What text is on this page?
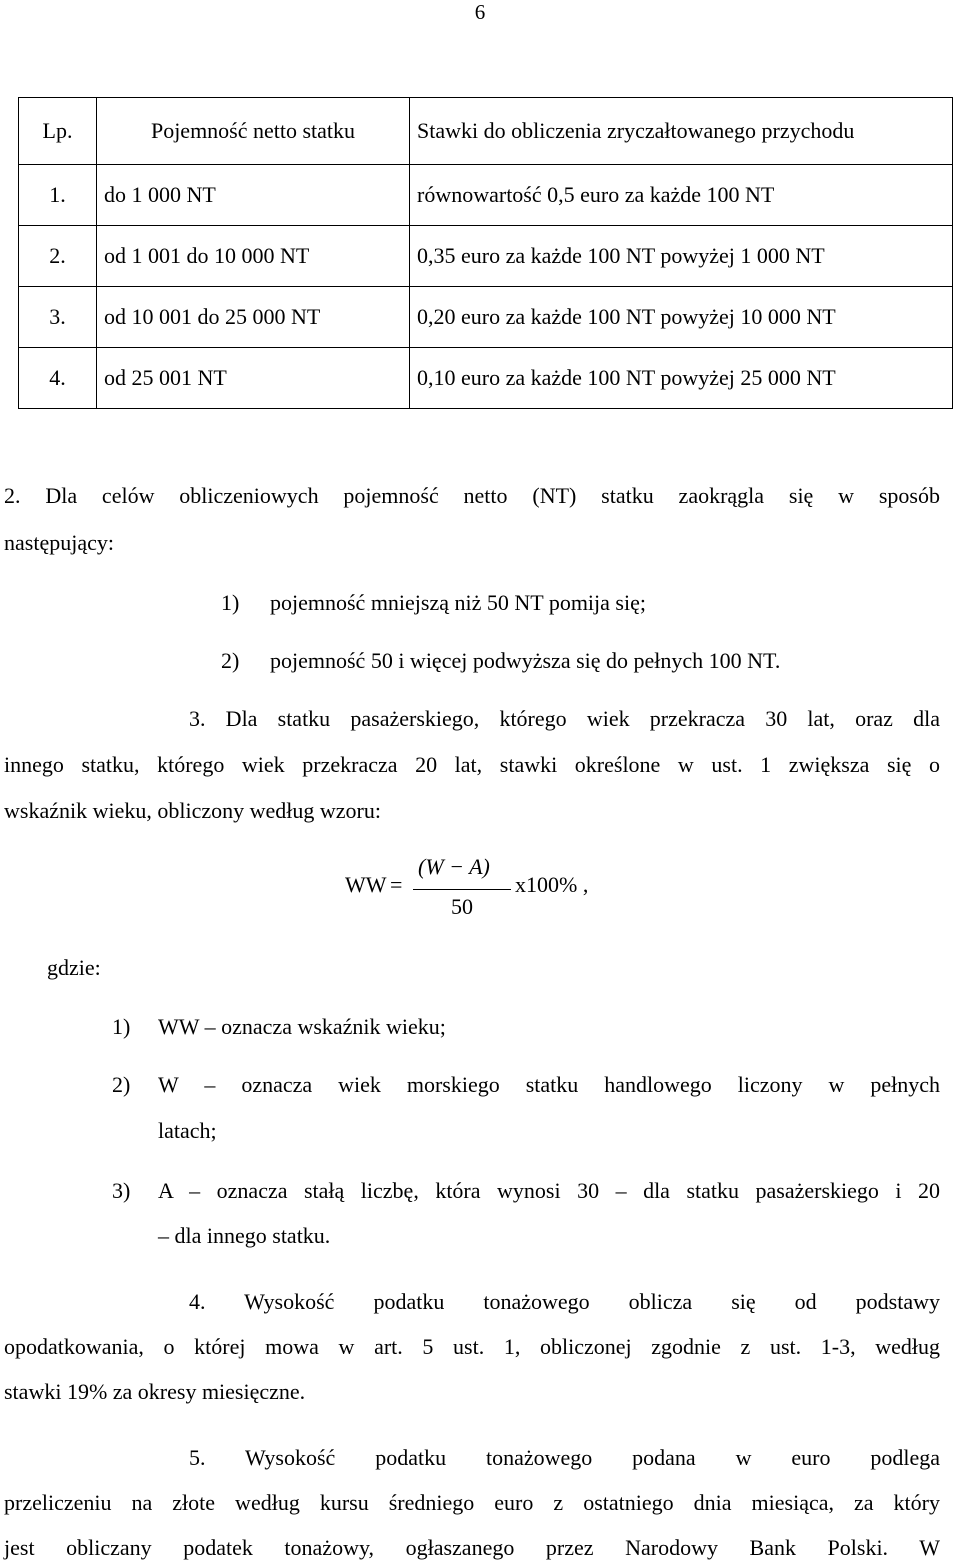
6
Lp.	Pojemność netto statku	Stawki do obliczenia zryczałtowanego przychodu
1.	do 1 000 NT	równowartość 0,5 euro za każde 100 NT
2.	od 1 001 do 10 000 NT	0,35 euro za każde 100 NT powyżej 1 000 NT
3.	od 10 001 do 25 000 NT	0,20 euro za każde 100 NT powyżej 10 000 NT
4.	od 25 001 NT	0,10 euro za każde 100 NT powyżej 25 000 NT
2. Dla celów obliczeniowych pojemność netto (NT) statku zaokrągla się w sposób
następujący:
1) pojemność mniejszą niż 50 NT pomija się;
2) pojemność 50 i więcej podwyższa się do pełnych 100 NT.
3. Dla statku pasażerskiego, którego wiek przekracza 30 lat, oraz dla
innego statku, którego wiek przekracza 20 lat, stawki określone w ust. 1 zwiększa się o
wskaźnik wieku, obliczony według wzoru:
WW =
(W − A)
50
x100% ,
gdzie:
1) WW – oznacza wskaźnik wieku;
2) W – oznacza wiek morskiego statku handlowego liczony w pełnych
latach;
3) A – oznacza stałą liczbę, która wynosi 30 – dla statku pasażerskiego i 20
– dla innego statku.
4. Wysokość podatku tonażowego oblicza się od podstawy
opodatkowania, o której mowa w art. 5 ust. 1, obliczonej zgodnie z ust. 1-3, według
stawki 19% za okresy miesięczne.
5. Wysokość podatku tonażowego podana w euro podlega
przeliczeniu na złote według kursu średniego euro z ostatniego dnia miesiąca, za który
jest obliczany podatek tonażowy, ogłaszanego przez Narodowy Bank Polski. W
